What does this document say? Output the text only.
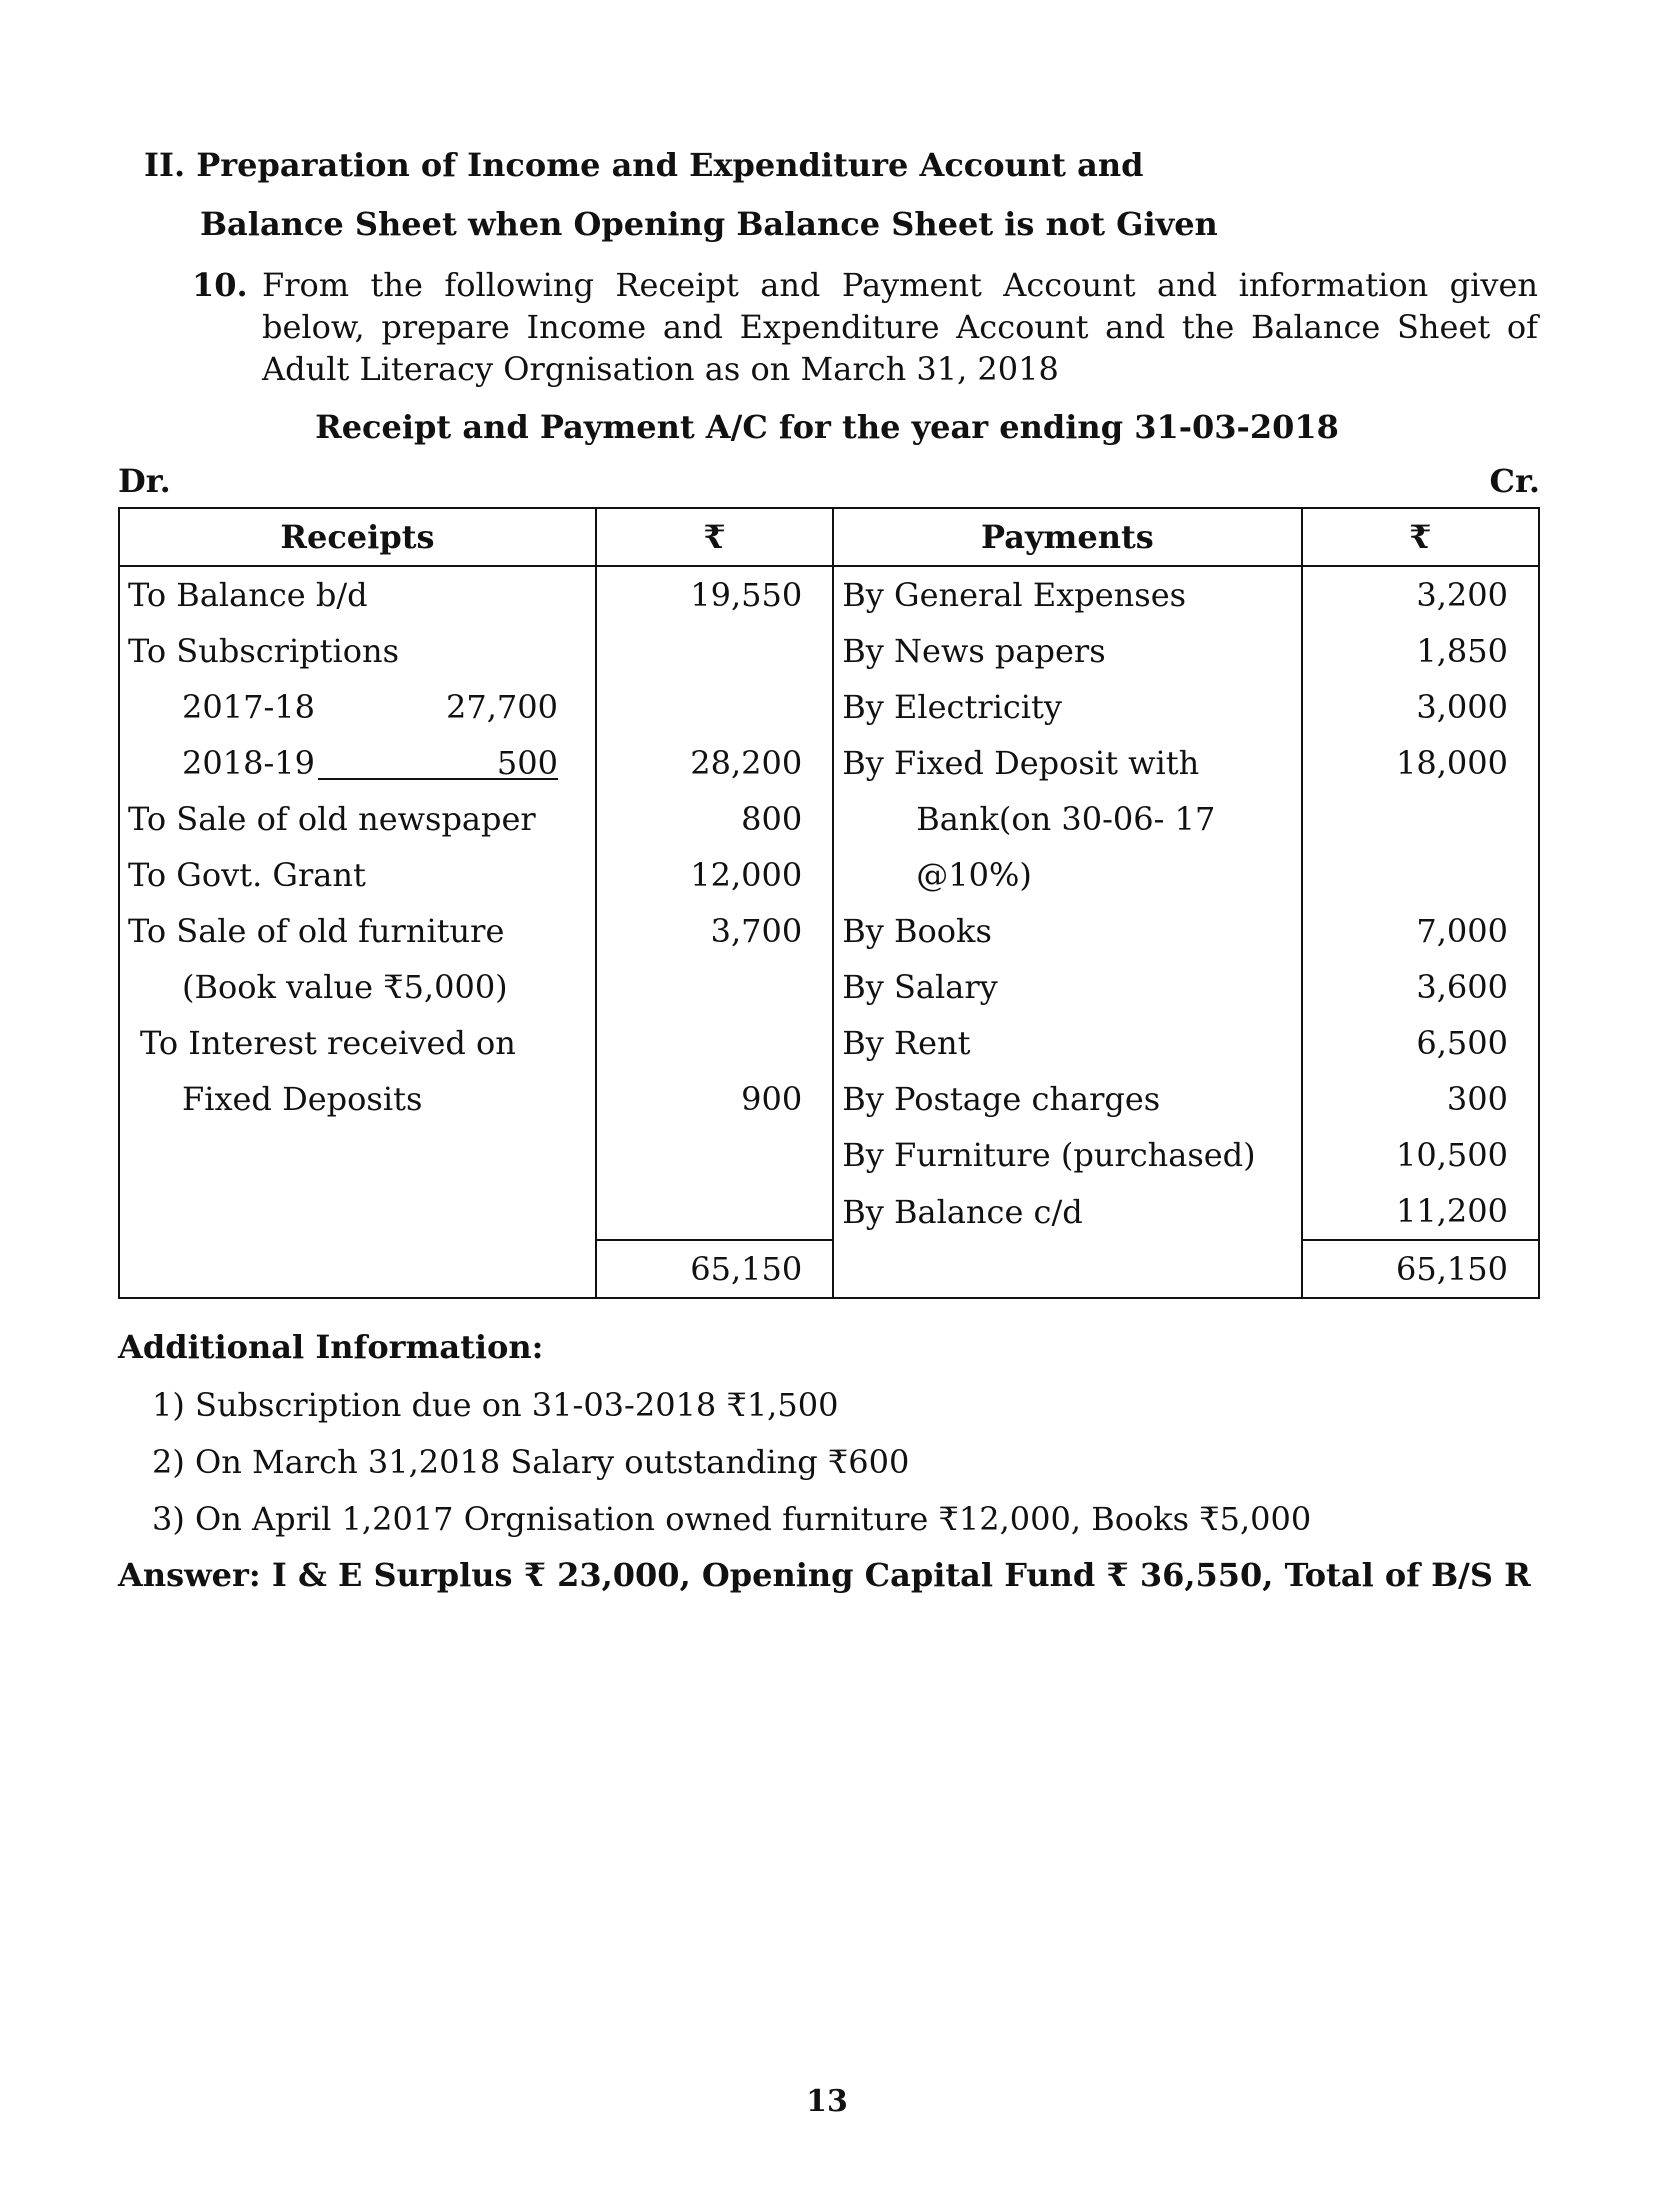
II. Preparation of Income and Expenditure Account and
Balance Sheet when Opening Balance Sheet is not Given
10. From the following Receipt and Payment Account and information given below, prepare Income and Expenditure Account and the Balance Sheet of Adult Literacy Orgnisation as on March 31, 2018
Receipt and Payment A/C for the year ending 31-03-2018
Dr.	Cr.
Receipts	₹	Payments	₹
To Balance b/d	19,550	By General Expenses	3,200
To Subscriptions		By News papers	1,850
2017-18 27,700		By Electricity	3,000
2018-19 500	28,200	By Fixed Deposit with	18,000
To Sale of old newspaper	800	Bank(on 30-06- 17	
To Govt. Grant	12,000	@10%)	
To Sale of old furniture	3,700	By Books	7,000
(Book value ₹5,000)		By Salary	3,600
To Interest received on		By Rent	6,500
Fixed Deposits	900	By Postage charges	300
		By Furniture (purchased)	10,500
		By Balance c/d	11,200
	65,150		65,150
Additional Information:
1) Subscription due on 31-03-2018 ₹1,500
2) On March 31,2018 Salary outstanding ₹600
3) On April 1,2017 Orgnisation owned furniture ₹12,000, Books ₹5,000
Answer: I & E Surplus ₹ 23,000, Opening Capital Fund ₹ 36,550, Total of B/S R
13
